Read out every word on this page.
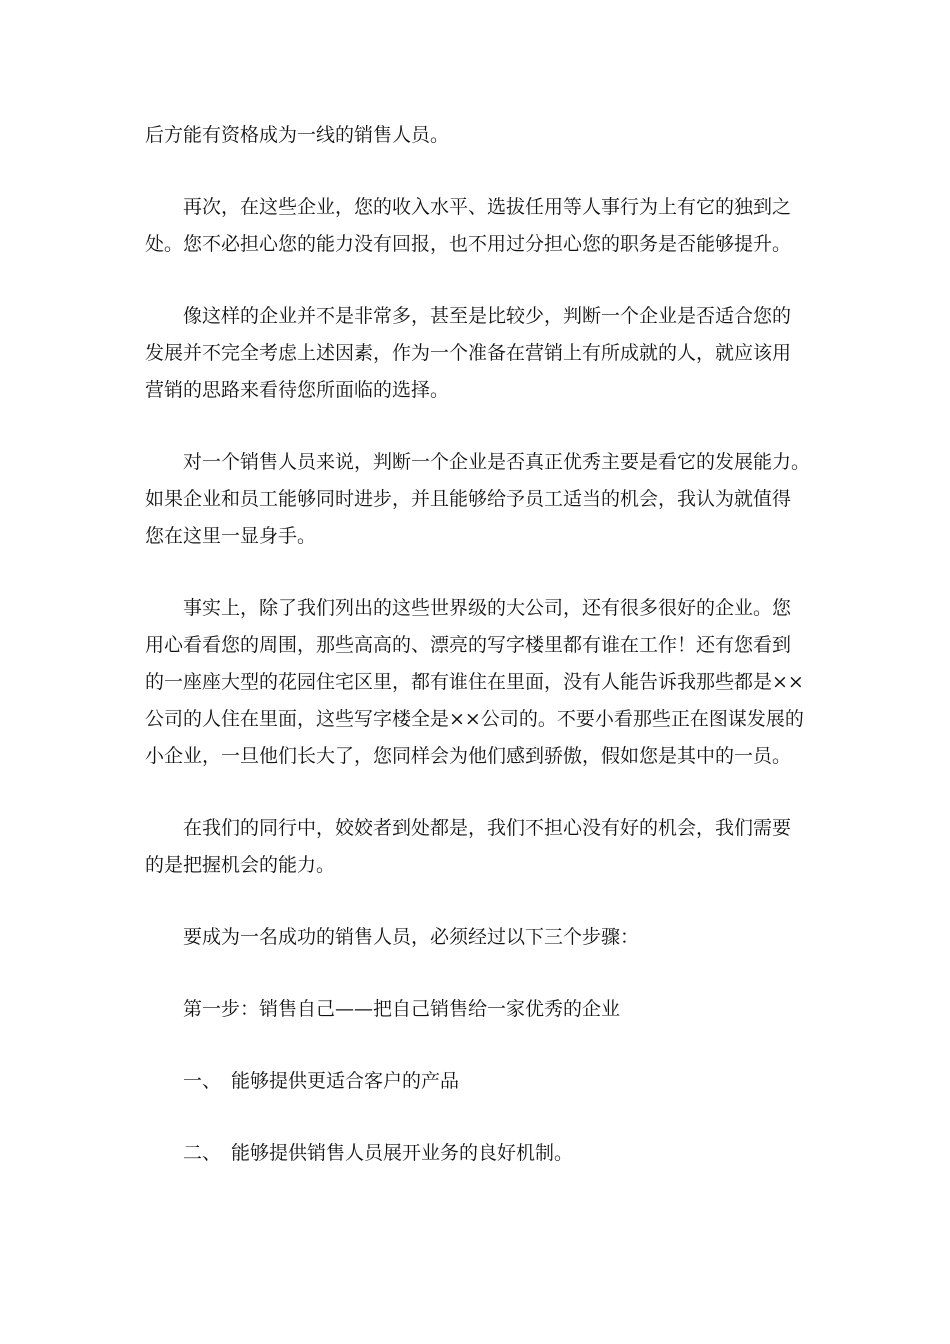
后方能有资格成为一线的销售人员。
再次，在这些企业，您的收入水平、选拔任用等人事行为上有它的独到之
处。您不必担心您的能力没有回报，也不用过分担心您的职务是否能够提升。
像这样的企业并不是非常多，甚至是比较少，判断一个企业是否适合您的
发展并不完全考虑上述因素，作为一个准备在营销上有所成就的人，就应该用
营销的思路来看待您所面临的选择。
对一个销售人员来说，判断一个企业是否真正优秀主要是看它的发展能力。
如果企业和员工能够同时进步，并且能够给予员工适当的机会，我认为就值得
您在这里一显身手。
事实上，除了我们列出的这些世界级的大公司，还有很多很好的企业。您
用心看看您的周围，那些高高的、漂亮的写字楼里都有谁在工作！还有您看到
的一座座大型的花园住宅区里，都有谁住在里面，没有人能告诉我那些都是××
公司的人住在里面，这些写字楼全是××公司的。不要小看那些正在图谋发展的
小企业，一旦他们长大了，您同样会为他们感到骄傲，假如您是其中的一员。
在我们的同行中，姣姣者到处都是，我们不担心没有好的机会，我们需要
的是把握机会的能力。
要成为一名成功的销售人员，必须经过以下三个步骤：
第一步：销售自己——把自己销售给一家优秀的企业
一、 能够提供更适合客户的产品
二、 能够提供销售人员展开业务的良好机制。
